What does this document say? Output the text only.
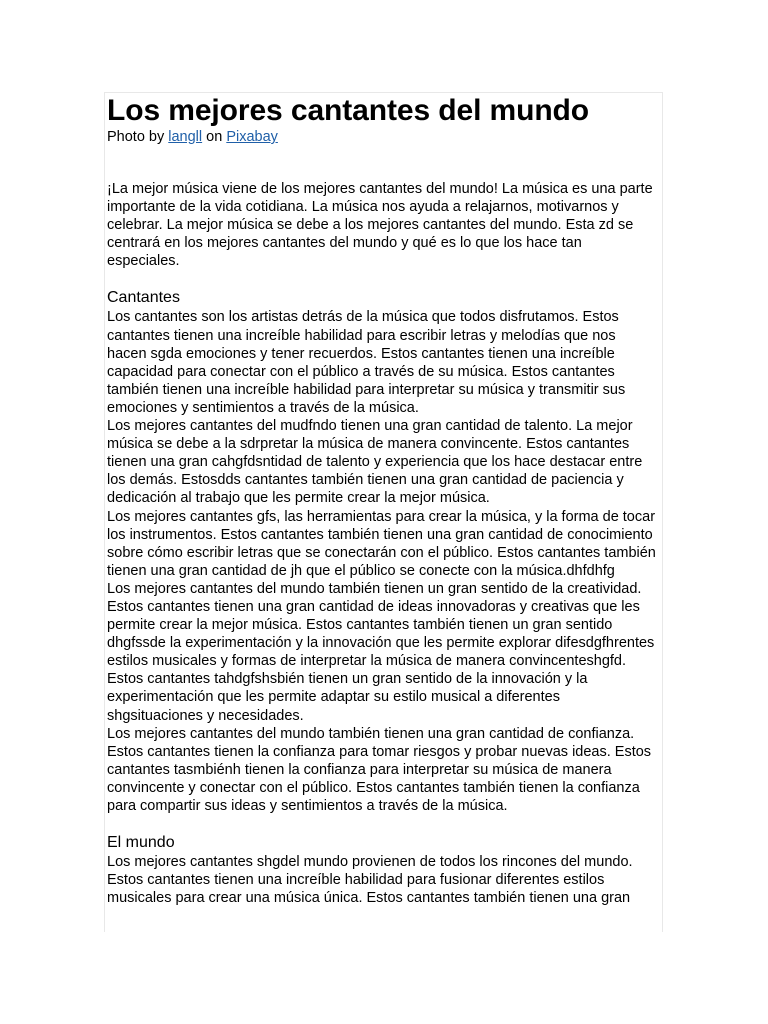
Los mejores cantantes del mundo

Photo by langll on Pixabay

¡La mejor música viene de los mejores cantantes del mundo! La música es una parte importante de la vida cotidiana. La música nos ayuda a relajarnos, motivarnos y celebrar. La mejor música se debe a los mejores cantantes del mundo. Esta zd se centrará en los mejores cantantes del mundo y qué es lo que los hace tan especiales.

Cantantes

Los cantantes son los artistas detrás de la música que todos disfrutamos. Estos cantantes tienen una increíble habilidad para escribir letras y melodías que nos hacen sgda emociones y tener recuerdos. Estos cantantes tienen una increíble capacidad para conectar con el público a través de su música. Estos cantantes también tienen una increíble habilidad para interpretar su música y transmitir sus emociones y sentimientos a través de la música.

Los mejores cantantes del mudfndo tienen una gran cantidad de talento. La mejor música se debe a la sdrpretar la música de manera convincente. Estos cantantes tienen una gran cahgfdsntidad de talento y experiencia que los hace destacar entre los demás. Estosdds cantantes también tienen una gran cantidad de paciencia y dedicación al trabajo que les permite crear la mejor música.

Los mejores cantantes gfs, las herramientas para crear la música, y la forma de tocar los instrumentos. Estos cantantes también tienen una gran cantidad de conocimiento sobre cómo escribir letras que se conectarán con el público. Estos cantantes también tienen una gran cantidad de jh que el público se conecte con la música.dhfdhfg

Los mejores cantantes del mundo también tienen un gran sentido de la creatividad. Estos cantantes tienen una gran cantidad de ideas innovadoras y creativas que les permite crear la mejor música. Estos cantantes también tienen un gran sentido dhgfssde la experimentación y la innovación que les permite explorar difesdgfhrentes estilos musicales y formas de interpretar la música de manera convincenteshgfd. Estos cantantes tahdgfshsbién tienen un gran sentido de la innovación y la experimentación que les permite adaptar su estilo musical a diferentes shgsituaciones y necesidades.

Los mejores cantantes del mundo también tienen una gran cantidad de confianza. Estos cantantes tienen la confianza para tomar riesgos y probar nuevas ideas. Estos cantantes tasmbiénh tienen la confianza para interpretar su música de manera convincente y conectar con el público. Estos cantantes también tienen la confianza para compartir sus ideas y sentimientos a través de la música.

El mundo

Los mejores cantantes shgdel mundo provienen de todos los rincones del mundo. Estos cantantes tienen una increíble habilidad para fusionar diferentes estilos musicales para crear una música única. Estos cantantes también tienen una gran
